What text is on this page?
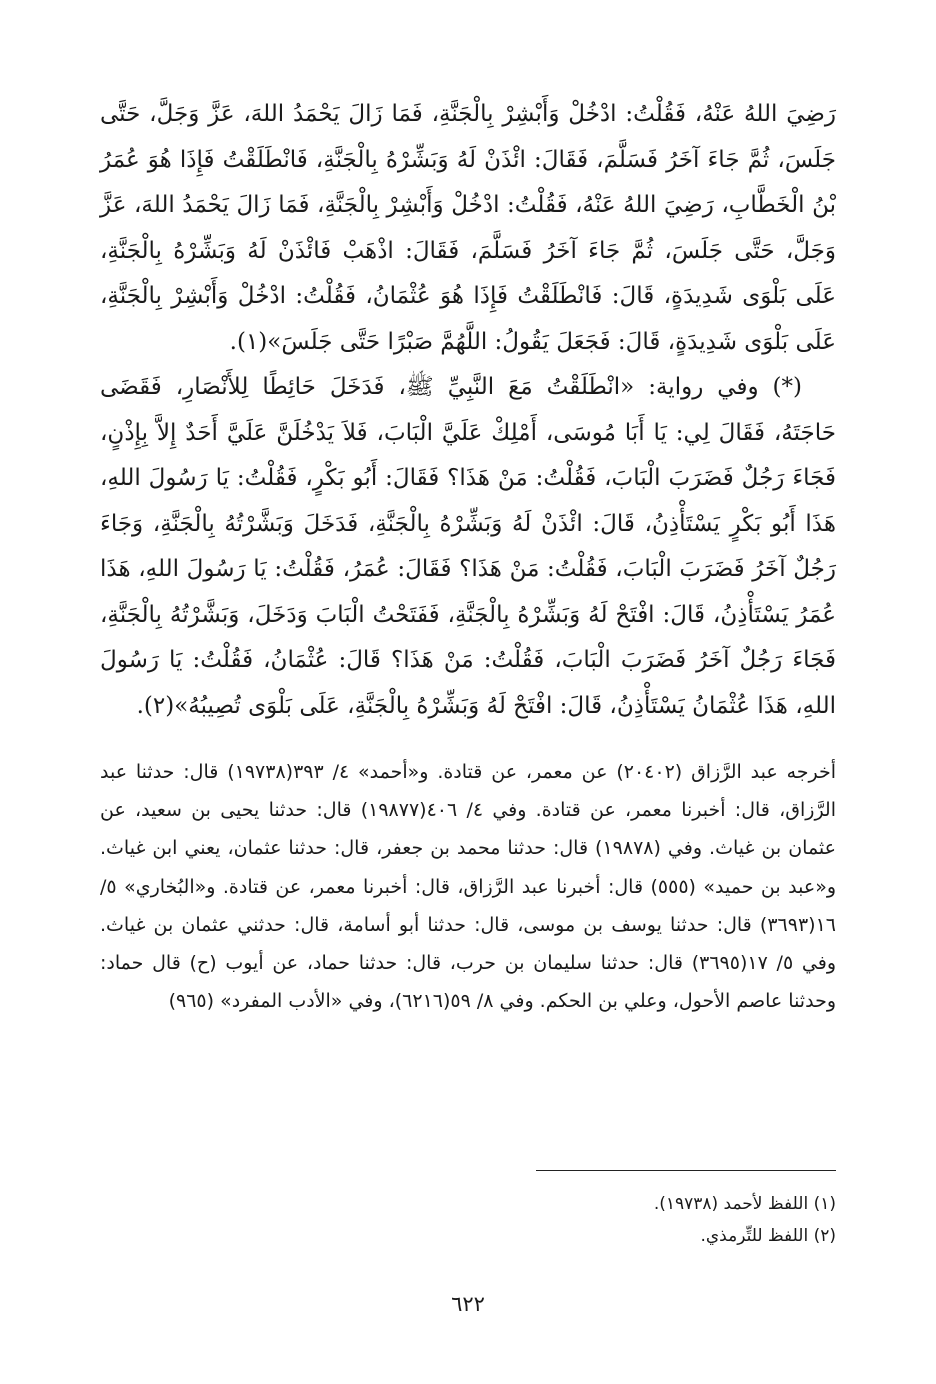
رَضِيَ اللهُ عَنْهُ، فَقُلْتُ: ادْخُلْ وَأَبْشِرْ بِالْجَنَّةِ، فَمَا زَالَ يَحْمَدُ اللهَ، عَزَّ وَجَلَّ، حَتَّى جَلَسَ، ثُمَّ جَاءَ آخَرُ فَسَلَّمَ، فَقَالَ: ائْذَنْ لَهُ وَبَشِّرْهُ بِالْجَنَّةِ، فَانْطَلَقْتُ فَإِذَا هُوَ عُمَرُ بْنُ الْخَطَّابِ، رَضِيَ اللهُ عَنْهُ، فَقُلْتُ: ادْخُلْ وَأَبْشِرْ بِالْجَنَّةِ، فَمَا زَالَ يَحْمَدُ اللهَ، عَزَّ وَجَلَّ، حَتَّى جَلَسَ، ثُمَّ جَاءَ آخَرُ فَسَلَّمَ، فَقَالَ: اذْهَبْ فَائْذَنْ لَهُ وَبَشِّرْهُ بِالْجَنَّةِ، عَلَى بَلْوَى شَدِيدَةٍ، قَالَ: فَانْطَلَقْتُ فَإِذَا هُوَ عُثْمَانُ، فَقُلْتُ: ادْخُلْ وَأَبْشِرْ بِالْجَنَّةِ، عَلَى بَلْوَى شَدِيدَةٍ، قَالَ: فَجَعَلَ يَقُولُ: اللَّهُمَّ صَبْرًا حَتَّى جَلَسَ»(١).

(*) وفي رواية: «انْطَلَقْتُ مَعَ النَّبِيِّ ﷺ، فَدَخَلَ حَائِطًا لِلأَنْصَارِ، فَقَضَى حَاجَتَهُ، فَقَالَ لِي: يَا أَبَا مُوسَى، أَمْلِكْ عَلَيَّ الْبَابَ، فَلاَ يَدْخُلَنَّ عَلَيَّ أَحَدٌ إِلاَّ بِإِذْنٍ، فَجَاءَ رَجُلٌ فَضَرَبَ الْبَابَ، فَقُلْتُ: مَنْ هَذَا؟ فَقَالَ: أَبُو بَكْرٍ، فَقُلْتُ: يَا رَسُولَ اللهِ، هَذَا أَبُو بَكْرٍ يَسْتَأْذِنُ، قَالَ: ائْذَنْ لَهُ وَبَشِّرْهُ بِالْجَنَّةِ، فَدَخَلَ وَبَشَّرْتُهُ بِالْجَنَّةِ، وَجَاءَ رَجُلٌ آخَرُ فَضَرَبَ الْبَابَ، فَقُلْتُ: مَنْ هَذَا؟ فَقَالَ: عُمَرُ، فَقُلْتُ: يَا رَسُولَ اللهِ، هَذَا عُمَرُ يَسْتَأْذِنُ، قَالَ: افْتَحْ لَهُ وَبَشِّرْهُ بِالْجَنَّةِ، فَفَتَحْتُ الْبَابَ وَدَخَلَ، وَبَشَّرْتُهُ بِالْجَنَّةِ، فَجَاءَ رَجُلٌ آخَرُ فَضَرَبَ الْبَابَ، فَقُلْتُ: مَنْ هَذَا؟ قَالَ: عُثْمَانُ، فَقُلْتُ: يَا رَسُولَ اللهِ، هَذَا عُثْمَانُ يَسْتَأْذِنُ، قَالَ: افْتَحْ لَهُ وَبَشِّرْهُ بِالْجَنَّةِ، عَلَى بَلْوَى تُصِيبُهُ»(٢).

أخرجه عبد الرَّزاق (٢٠٤٠٢) عن معمر، عن قتادة. و«أحمد» ٤/ ٣٩٣(١٩٧٣٨) قال: حدثنا عبد الرَّزاق، قال: أخبرنا معمر، عن قتادة. وفي ٤/ ٤٠٦(١٩٨٧٧) قال: حدثنا يحيى بن سعيد، عن عثمان بن غياث. وفي (١٩٨٧٨) قال: حدثنا محمد بن جعفر، قال: حدثنا عثمان، يعني ابن غياث. و«عبد بن حميد» (٥٥٥) قال: أخبرنا عبد الرَّزاق، قال: أخبرنا معمر، عن قتادة. و«البُخاري» ٥/ ١٦(٣٦٩٣) قال: حدثنا يوسف بن موسى، قال: حدثنا أبو أسامة، قال: حدثني عثمان بن غياث. وفي ٥/ ١٧(٣٦٩٥) قال: حدثنا سليمان بن حرب، قال: حدثنا حماد، عن أيوب (ح) قال حماد: وحدثنا عاصم الأحول، وعلي بن الحكم. وفي ٨/ ٥٩(٦٢١٦)، وفي «الأدب المفرد» (٩٦٥)
(١) اللفظ لأحمد (١٩٧٣٨).
(٢) اللفظ للتِّرمذي.
٦٢٢
